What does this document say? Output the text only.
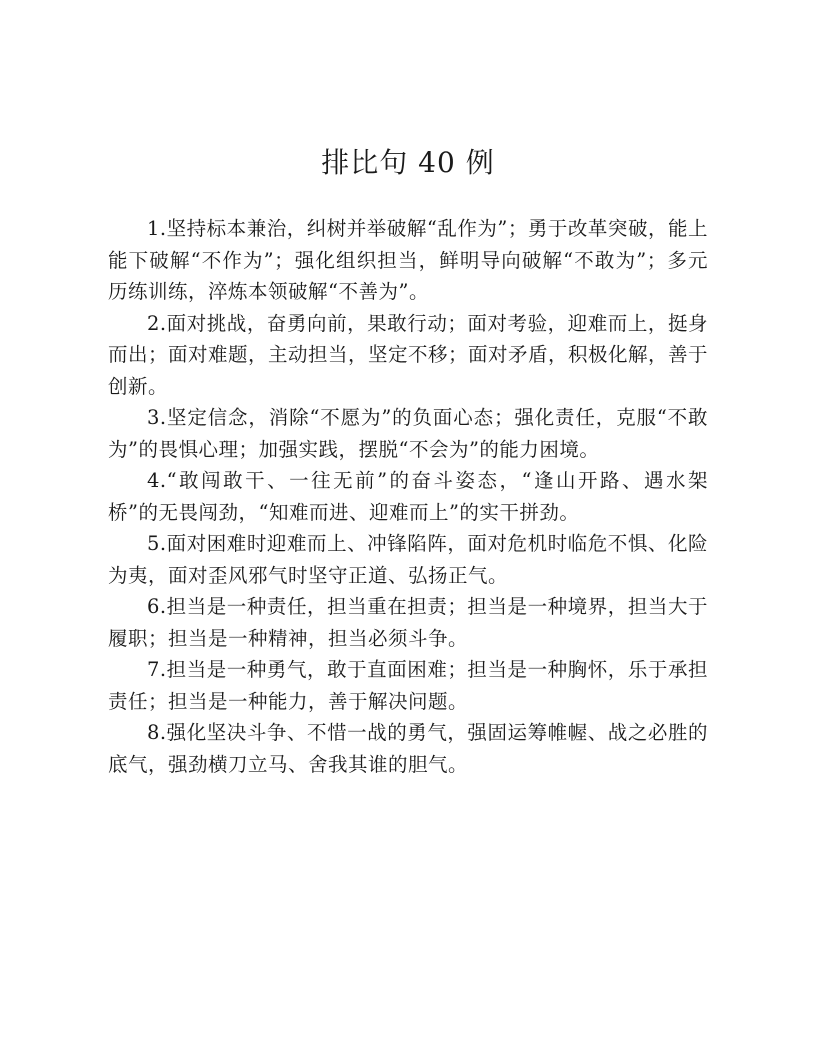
排比句 40 例

1.坚持标本兼治，纠树并举破解“乱作为”；勇于改革突破，能上能下破解“不作为”；强化组织担当，鲜明导向破解“不敢为”；多元历练训练，淬炼本领破解“不善为”。

2.面对挑战，奋勇向前，果敢行动；面对考验，迎难而上，挺身而出；面对难题，主动担当，坚定不移；面对矛盾，积极化解，善于创新。

3.坚定信念，消除“不愿为”的负面心态；强化责任，克服“不敢为”的畏惧心理；加强实践，摆脱“不会为”的能力困境。

4.“敢闯敢干、一往无前”的奋斗姿态，“逢山开路、遇水架桥”的无畏闯劲，“知难而进、迎难而上”的实干拼劲。

5.面对困难时迎难而上、冲锋陷阵，面对危机时临危不惧、化险为夷，面对歪风邪气时坚守正道、弘扬正气。

6.担当是一种责任，担当重在担责；担当是一种境界，担当大于履职；担当是一种精神，担当必须斗争。

7.担当是一种勇气，敢于直面困难；担当是一种胸怀，乐于承担责任；担当是一种能力，善于解决问题。

8.强化坚决斗争、不惜一战的勇气，强固运筹帷幄、战之必胜的底气，强劲横刀立马、舍我其谁的胆气。
